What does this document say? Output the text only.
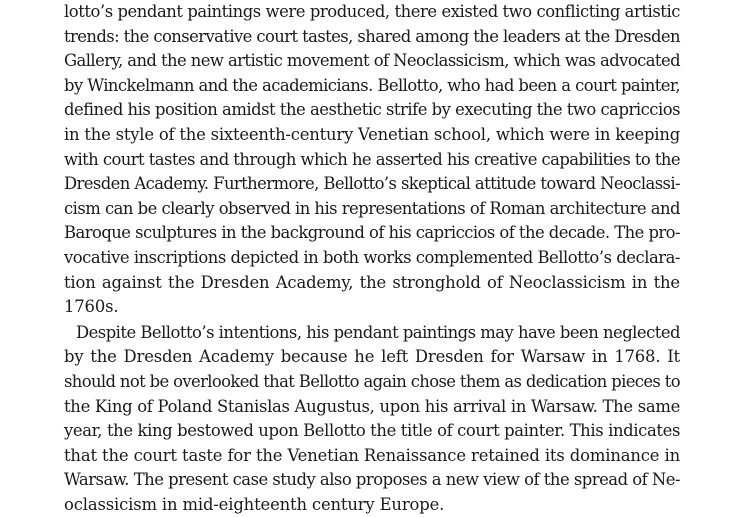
lotto’s pendant paintings were produced, there existed two conflicting artistic
trends: the conservative court tastes, shared among the leaders at the Dresden
Gallery, and the new artistic movement of Neoclassicism, which was advocated
by Winckelmann and the academicians. Bellotto, who had been a court painter,
defined his position amidst the aesthetic strife by executing the two capriccios
in the style of the sixteenth-century Venetian school, which were in keeping
with court tastes and through which he asserted his creative capabilities to the
Dresden Academy. Furthermore, Bellotto’s skeptical attitude toward Neoclassi-
cism can be clearly observed in his representations of Roman architecture and
Baroque sculptures in the background of his capriccios of the decade. The pro-
vocative inscriptions depicted in both works complemented Bellotto’s declara-
tion against the Dresden Academy, the stronghold of Neoclassicism in the
1760s.
Despite Bellotto’s intentions, his pendant paintings may have been neglected
by the Dresden Academy because he left Dresden for Warsaw in 1768. It
should not be overlooked that Bellotto again chose them as dedication pieces to
the King of Poland Stanislas Augustus, upon his arrival in Warsaw. The same
year, the king bestowed upon Bellotto the title of court painter. This indicates
that the court taste for the Venetian Renaissance retained its dominance in
Warsaw. The present case study also proposes a new view of the spread of Ne-
oclassicism in mid-eighteenth century Europe.
